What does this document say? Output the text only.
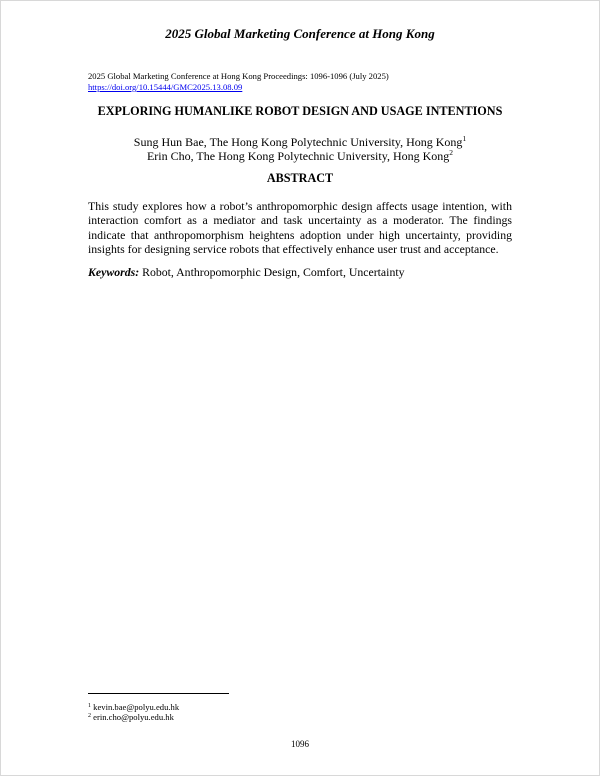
2025 Global Marketing Conference at Hong Kong
2025 Global Marketing Conference at Hong Kong Proceedings: 1096-1096 (July 2025)
https://doi.org/10.15444/GMC2025.13.08.09
EXPLORING HUMANLIKE ROBOT DESIGN AND USAGE INTENTIONS
Sung Hun Bae, The Hong Kong Polytechnic University, Hong Kong$^1$
Erin Cho, The Hong Kong Polytechnic University, Hong Kong$^2$
ABSTRACT
This study explores how a robot’s anthropomorphic design affects usage intention, with interaction comfort as a mediator and task uncertainty as a moderator. The findings indicate that anthropomorphism heightens adoption under high uncertainty, providing insights for designing service robots that effectively enhance user trust and acceptance.
Keywords: Robot, Anthropomorphic Design, Comfort, Uncertainty
$^1$ kevin.bae@polyu.edu.hk
$^2$ erin.cho@polyu.edu.hk
1096
